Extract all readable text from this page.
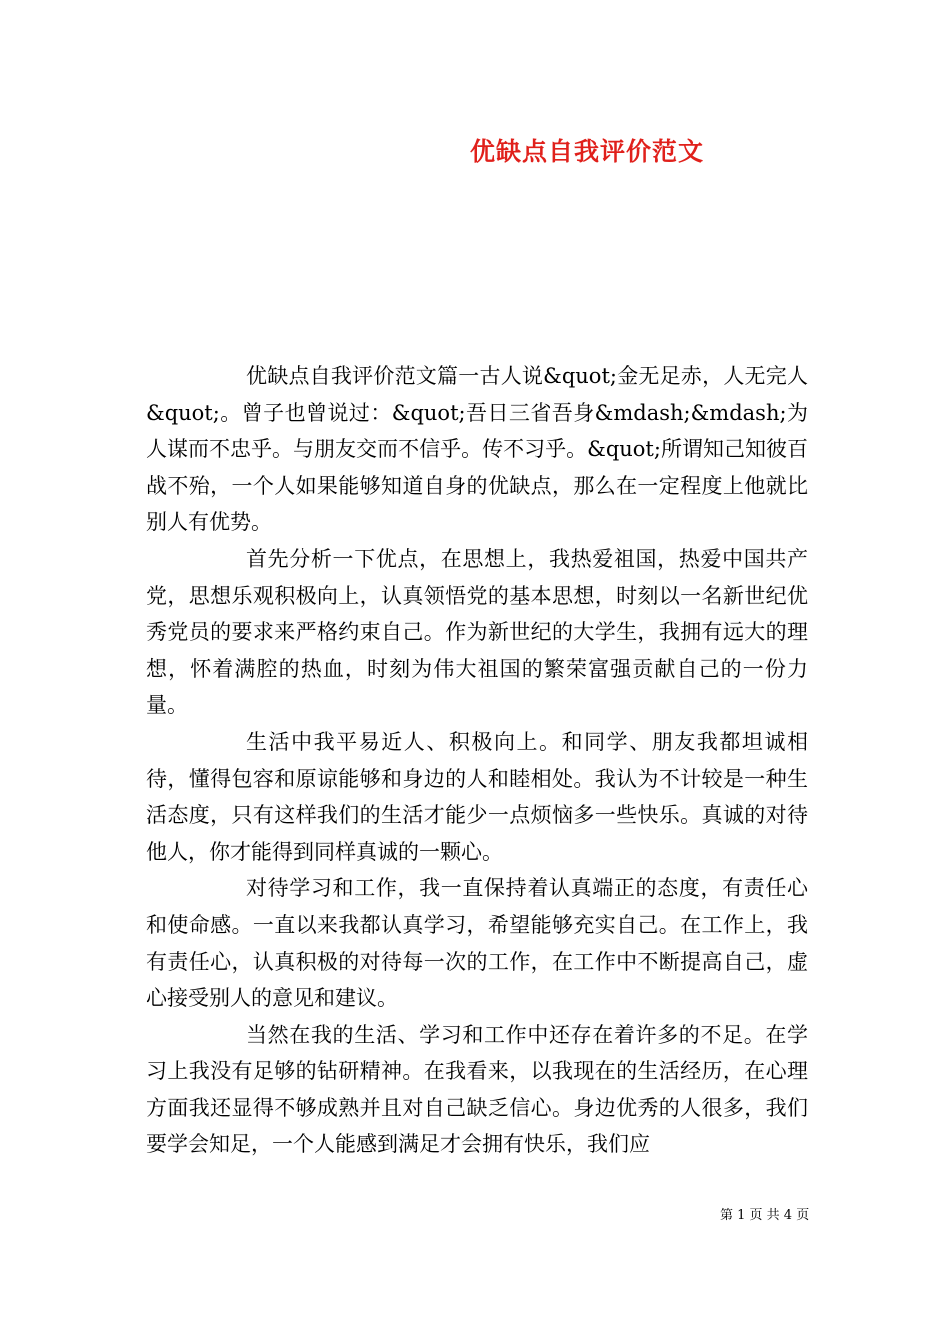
优缺点自我评价范文

优缺点自我评价范文篇一古人说&quot;金无足赤，人无完人&quot;。曾子也曾说过：&quot;吾日三省吾身&mdash;&mdash;为人谋而不忠乎。与朋友交而不信乎。传不习乎。&quot;所谓知己知彼百战不殆，一个人如果能够知道自身的优缺点，那么在一定程度上他就比别人有优势。

首先分析一下优点，在思想上，我热爱祖国，热爱中国共产党，思想乐观积极向上，认真领悟党的基本思想，时刻以一名新世纪优秀党员的要求来严格约束自己。作为新世纪的大学生，我拥有远大的理想，怀着满腔的热血，时刻为伟大祖国的繁荣富强贡献自己的一份力量。

生活中我平易近人、积极向上。和同学、朋友我都坦诚相待，懂得包容和原谅能够和身边的人和睦相处。我认为不计较是一种生活态度，只有这样我们的生活才能少一点烦恼多一些快乐。真诚的对待他人，你才能得到同样真诚的一颗心。

对待学习和工作，我一直保持着认真端正的态度，有责任心和使命感。一直以来我都认真学习，希望能够充实自己。在工作上，我有责任心，认真积极的对待每一次的工作，在工作中不断提高自己，虚心接受别人的意见和建议。

当然在我的生活、学习和工作中还存在着许多的不足。在学习上我没有足够的钻研精神。在我看来，以我现在的生活经历，在心理方面我还显得不够成熟并且对自己缺乏信心。身边优秀的人很多，我们要学会知足，一个人能感到满足才会拥有快乐，我们应

第 1 页 共 4 页
